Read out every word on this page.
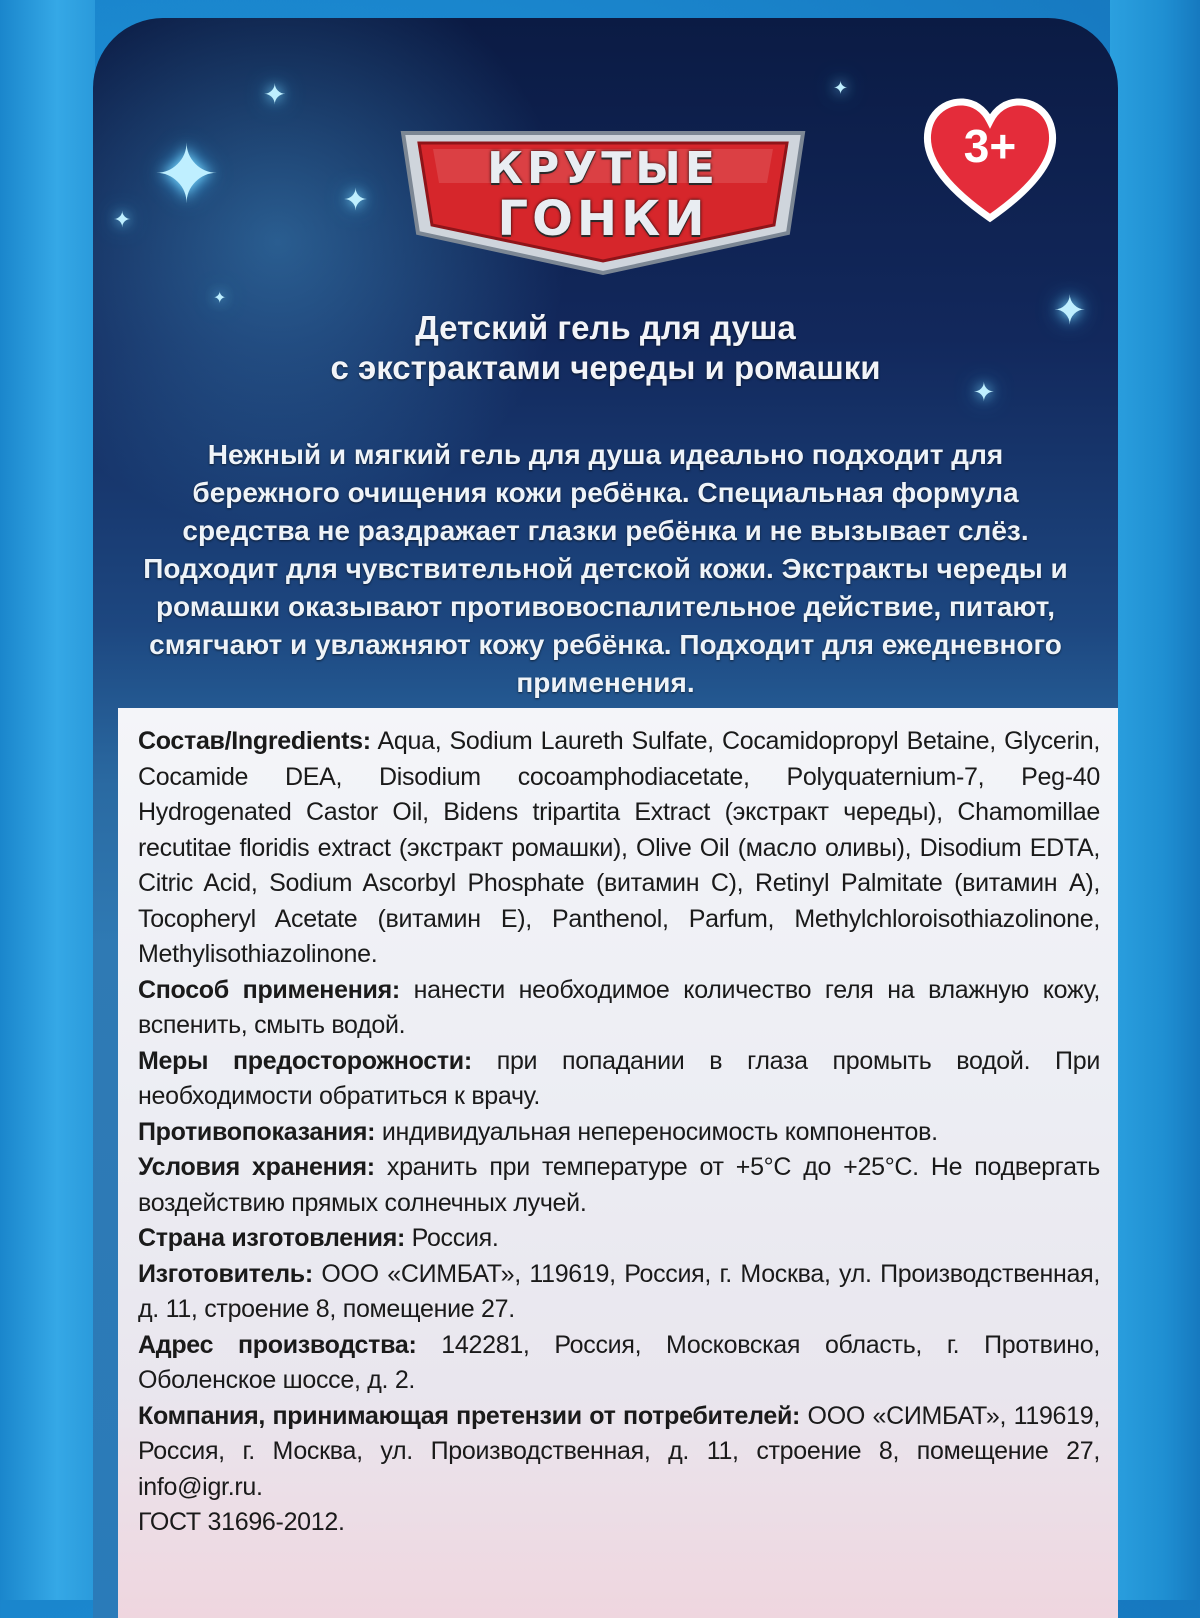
✦
✦
✦
✦
✦
✦
✦
✦
КРУТЫЕ
ГОНКИ
3+
Детский гель для душа
с экстрактами череды и ромашки
Нежный и мягкий гель для душа идеально подходит для бережного очищения кожи ребёнка. Специальная формула средства не раздражает глазки ребёнка и не вызывает слёз. Подходит для чувствительной детской кожи. Экстракты череды и ромашки оказывают противовоспалительное действие, питают, смягчают и увлажняют кожу ребёнка. Подходит для ежедневного применения.

Состав/Ingredients: Aqua, Sodium Laureth Sulfate, Cocamidopropyl Betaine, Glycerin, Cocamide DEA, Disodium cocoamphodiacetate, Polyquaternium-7, Peg-40 Hydrogenated Castor Oil, Bidens tripartita Extract (экстракт череды), Chamomillae recutitae floridis extract (экстракт ромашки), Olive Oil (масло оливы), Disodium EDTA, Citric Acid, Sodium Ascorbyl Phosphate (витамин С), Retinyl Palmitate (витамин А), Tocopheryl Acetate (витамин Е), Panthenol, Parfum, Methylchloroisothiazolinone, Methylisothiazolinone.

Способ применения: нанести необходимое количество геля на влажную кожу, вспенить, смыть водой.

Меры предосторожности: при попадании в глаза промыть водой. При необходимости обратиться к врачу.

Противопоказания: индивидуальная непереносимость компонентов.

Условия хранения: хранить при температуре от +5°С до +25°С. Не подвергать воздействию прямых солнечных лучей.

Страна изготовления: Россия.

Изготовитель: ООО «СИМБАТ», 119619, Россия, г. Москва, ул. Производственная, д. 11, строение 8, помещение 27.

Адрес производства: 142281, Россия, Московская область, г. Протвино, Оболенское шоссе, д. 2.

Компания, принимающая претензии от потребителей: ООО «СИМБАТ», 119619, Россия, г. Москва, ул. Производственная, д. 11, строение 8, помещение 27, info@igr.ru.

ГОСТ 31696-2012.
